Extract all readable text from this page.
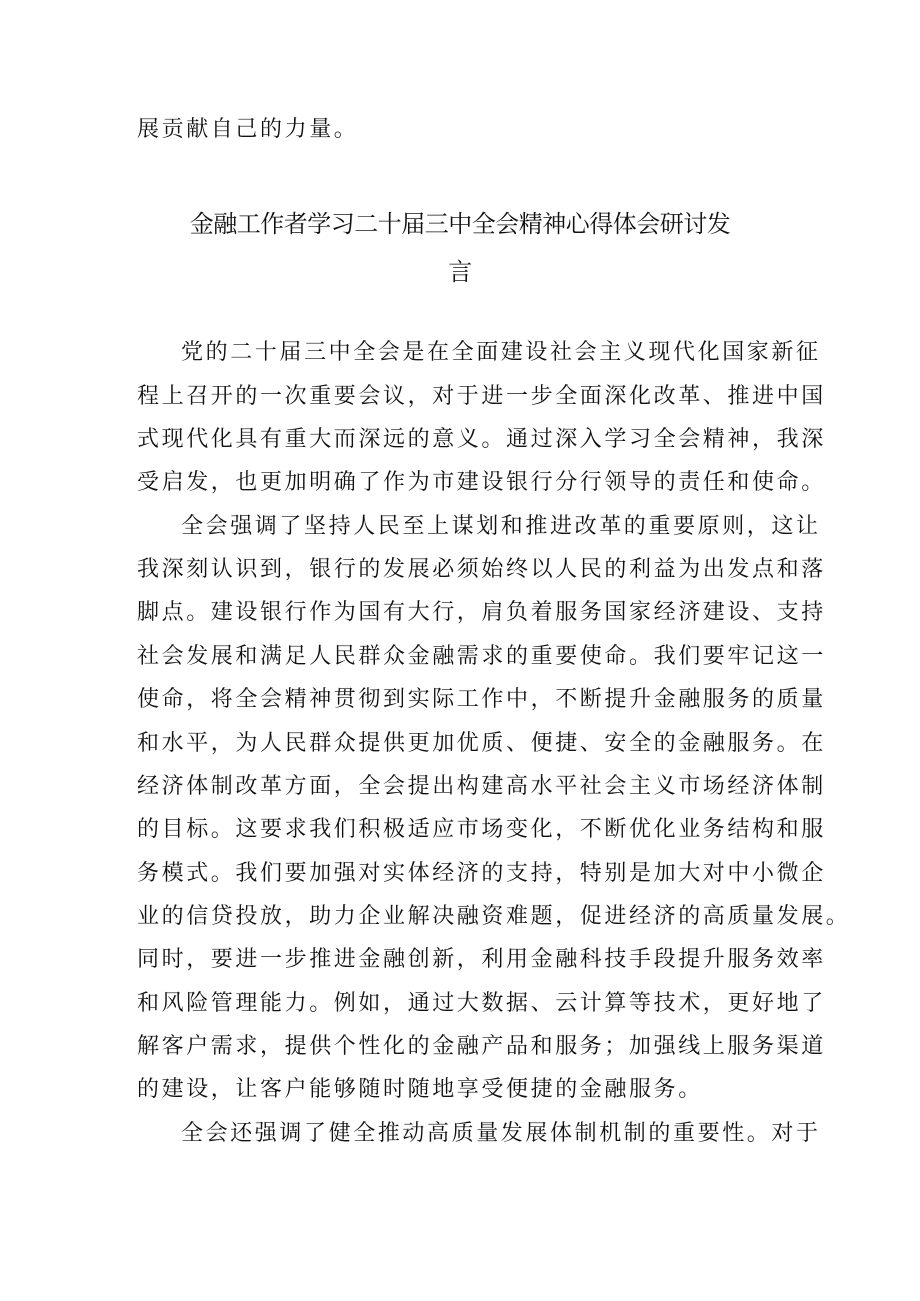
展贡献自己的力量。
金融工作者学习二十届三中全会精神心得体会研讨发
言
党的二十届三中全会是在全面建设社会主义现代化国家新征
程上召开的一次重要会议，对于进一步全面深化改革、推进中国
式现代化具有重大而深远的意义。通过深入学习全会精神，我深
受启发，也更加明确了作为市建设银行分行领导的责任和使命。
全会强调了坚持人民至上谋划和推进改革的重要原则，这让
我深刻认识到，银行的发展必须始终以人民的利益为出发点和落
脚点。建设银行作为国有大行，肩负着服务国家经济建设、支持
社会发展和满足人民群众金融需求的重要使命。我们要牢记这一
使命，将全会精神贯彻到实际工作中，不断提升金融服务的质量
和水平，为人民群众提供更加优质、便捷、安全的金融服务。在
经济体制改革方面，全会提出构建高水平社会主义市场经济体制
的目标。这要求我们积极适应市场变化，不断优化业务结构和服
务模式。我们要加强对实体经济的支持，特别是加大对中小微企
业的信贷投放，助力企业解决融资难题，促进经济的高质量发展。
同时，要进一步推进金融创新，利用金融科技手段提升服务效率
和风险管理能力。例如，通过大数据、云计算等技术，更好地了
解客户需求，提供个性化的金融产品和服务；加强线上服务渠道
的建设，让客户能够随时随地享受便捷的金融服务。
全会还强调了健全推动高质量发展体制机制的重要性。对于
